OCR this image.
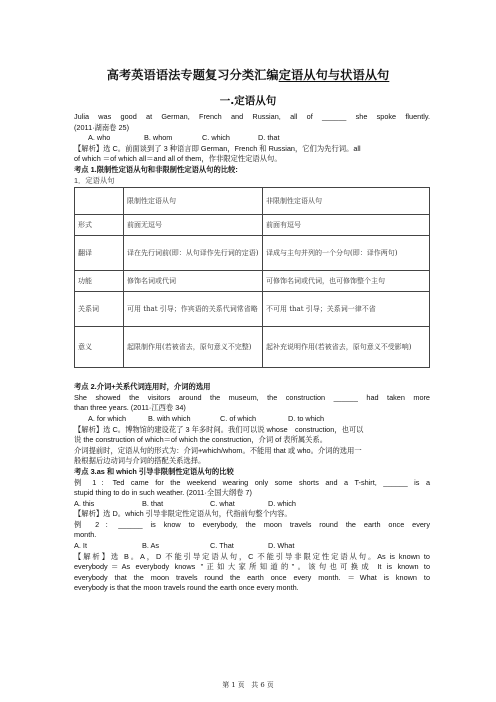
高考英语语法专题复习分类汇编定语从句与状语从句
一.定语从句

Julia was good at German, French and Russian, all of ______ she spoke fluently.

(2011·湖南卷 25)

A. who	B. whom	C. which	D. that

【解析】选 C。前面谈到了 3 种语言即 German，French 和 Russian，它们为先行词。all

of which ＝of which all＝and all of them，作非限定性定语从句。

考点 1.限制性定语从句和非限制性定语从句的比较:

1．定语从句

	限制性定语从句	非限制性定语从句
形式	前面无逗号	前面有逗号
翻译	译在先行词前(即：从句译作先行词的定语)	译成与主句并列的一个分句(即：译作两句)
功能	修饰名词或代词	可修饰名词或代词，也可修饰整个主句
关系词	可用 that 引导；作宾语的关系代词常省略	不可用 that 引导；关系词一律不省
意义	起限制作用(若被省去，原句意义不完整)	起补充说明作用(若被省去，原句意义不受影响)

考点 2.介词+关系代词连用时，介词的选用

She showed the visitors around the museum, the construction ______ had taken more

than three years. (2011·江西卷 34)

A. for which	B. with which	C. of which	D. to which

【解析】选 C。博物馆的建设花了 3 年多时间。我们可以说 whose　construction，也可以

说 the construction of which＝of which the construction，介词 of 表所属关系。

介词提前时，定语从句的形式为：介词+which/whom。不能用 that 或 who。介词的选用一

般根据后边动词与介词的搭配关系选择。

考点 3.as 和 which 引导非限制性定语从句的比较

例 1：Ted came for the weekend wearing only some shorts and a T-shirt, ______ is a

stupid thing to do in such weather. (2011·全国大纲卷 7)

A. this	B. that	C. what	D. which

【解析】选 D。which 引导非限定性定语从句，代指前句整个内容。

例 2：______ is know to everybody, the moon travels round the earth once every

month.

A. It	B. As	C. That	D. What

【解析】选 B。A，D 不能引导定语从句，C 不能引导非限定性定语从句。As is known to

everybody＝As everybody knows "正如大家所知道的"。该句也可换成 It is known to

everybody that the moon travels round the earth once every month. ＝What is known to

everybody is that the moon travels round the earth once every month.

第 1 页　共 6 页
